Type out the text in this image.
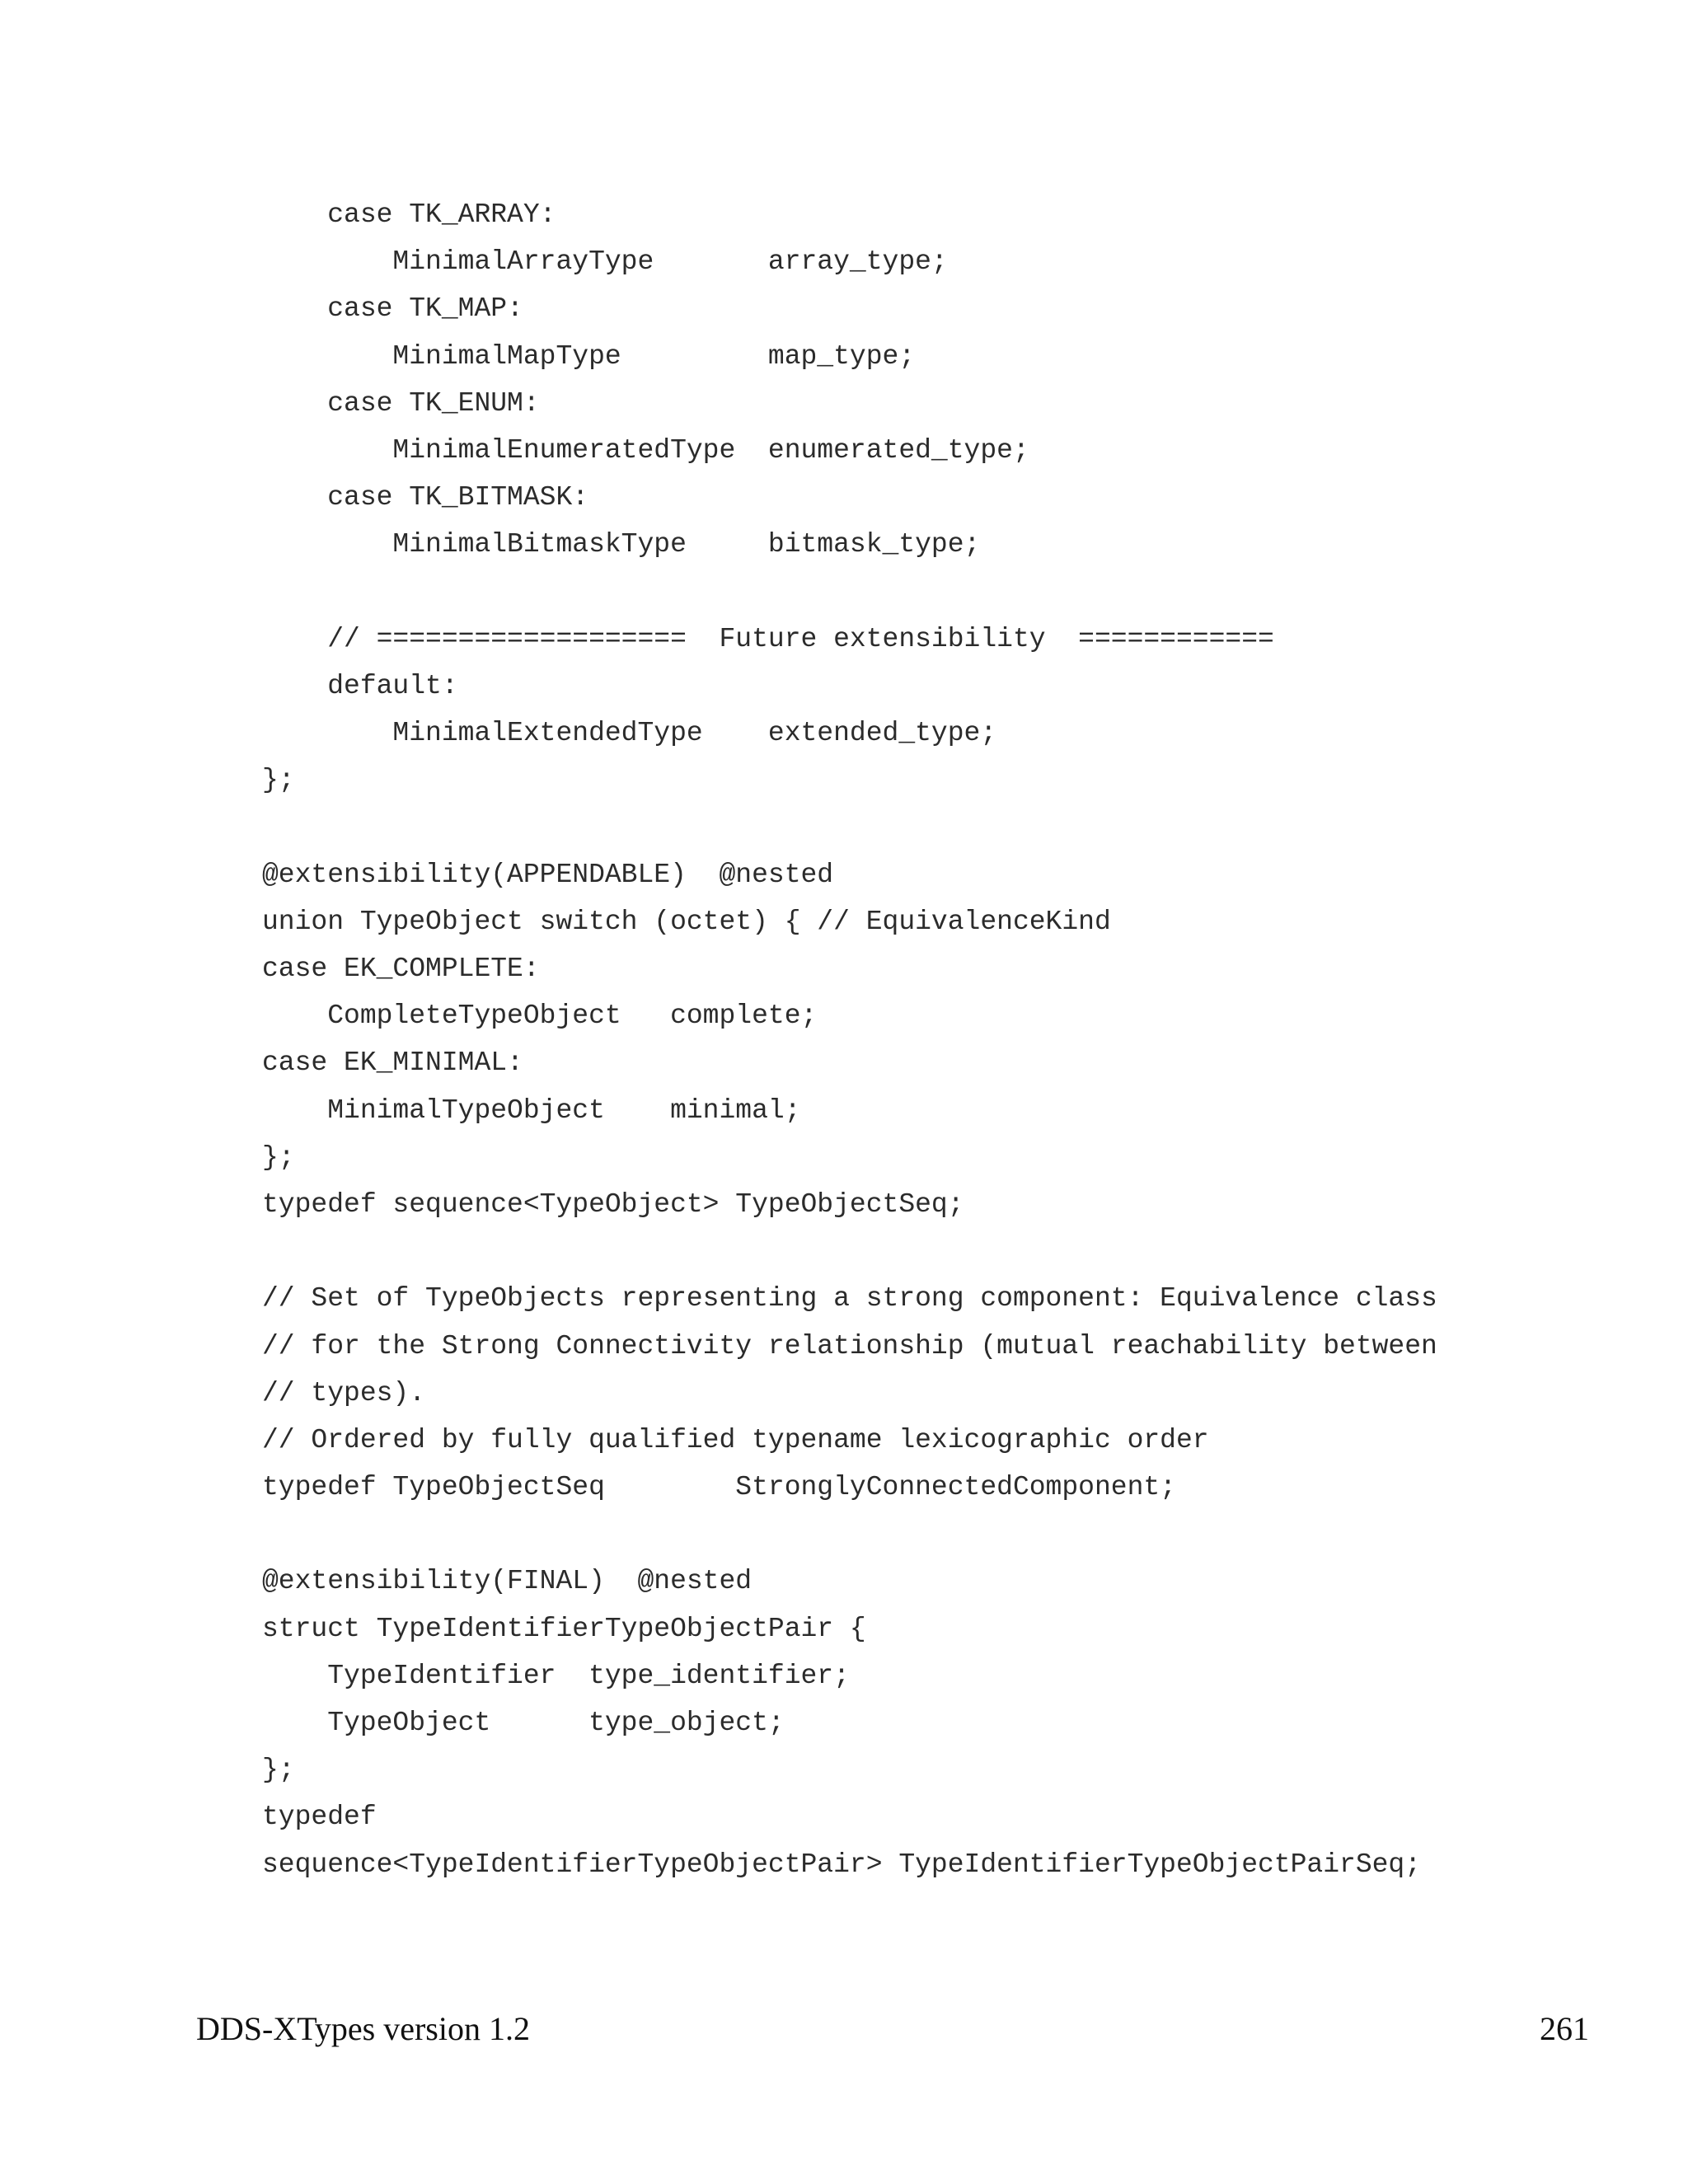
case TK_ARRAY:
MinimalArrayType       array_type;
case TK_MAP:
MinimalMapType         map_type;
case TK_ENUM:
MinimalEnumeratedType  enumerated_type;
case TK_BITMASK:
MinimalBitmaskType     bitmask_type;
// ===================  Future extensibility  ============
default:
MinimalExtendedType    extended_type;
};
@extensibility(APPENDABLE)  @nested
union TypeObject switch (octet) { // EquivalenceKind
case EK_COMPLETE:
CompleteTypeObject   complete;
case EK_MINIMAL:
MinimalTypeObject    minimal;
};
typedef sequence<TypeObject> TypeObjectSeq;
// Set of TypeObjects representing a strong component: Equivalence class
// for the Strong Connectivity relationship (mutual reachability between
// types).
// Ordered by fully qualified typename lexicographic order
typedef TypeObjectSeq        StronglyConnectedComponent;
@extensibility(FINAL)  @nested
struct TypeIdentifierTypeObjectPair {
TypeIdentifier  type_identifier;
TypeObject      type_object;
};
typedef
sequence<TypeIdentifierTypeObjectPair> TypeIdentifierTypeObjectPairSeq;
DDS-XTypes version 1.2	261
